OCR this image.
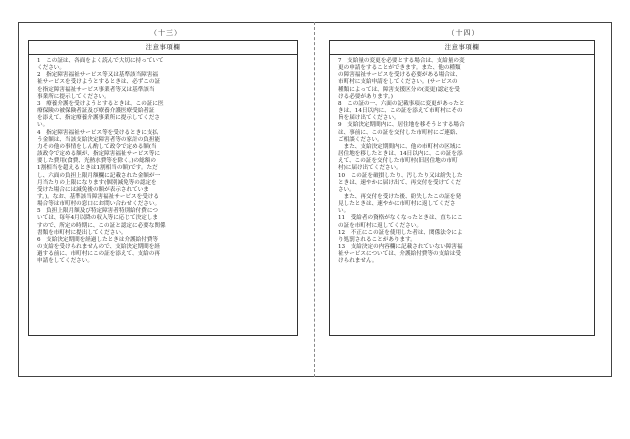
（十三）
注意事項欄

1　この証は、各面をよく読んで大切に持っていて
ください。

2　指定障害福祉サービス等又は基準該当障害福
祉サービスを受けようとするときは、必ずこの証
を指定障害福祉サービス事業者等又は基準該当
事業所に提示してください。

3　療養介護を受けようとするときは、この証に医
療保険の被保険者証及び療養介護医療受給者証
を添えて、指定療養介護事業所に提示してくださ
い。

4　指定障害福祉サービス等を受けるときに支払
う金額は、当該支給決定障害者等の家計の負担能
力その他の事情をしん酌して政令で定める額(当
該政令で定める額が、指定障害福祉サービス等に
要した費用(食費、光熱水費等を除く。)の総額の
1割相当を超えるときは1割相当の額)です。ただ
し、六面の負担上限月額欄に記載された金額が一
月当たりの上限になります(個別減免等の認定を
受けた場合には減免後の額が表示されていま
す。)。なお、基準該当障害福祉サービスを受ける
場合等は市町村の窓口にお問い合わせください。

5　負担上限月額及び特定障害者特別給付費につ
いては、毎年4月以降の収入等に応じて決定しま
すので、所定の時期に、この証と認定に必要な関係
書類を市町村に提出してください。

6　支給決定期間を経過したときは介護給付費等
の支給を受けられませんので、支給決定期間を経
過する前に、市町村にこの証を添えて、支給の再
申請をしてください。

（十四）
注意事項欄

7　支給量の変更を必要とする場合は、支給量の変
更の申請をすることができます。また、他の種類
の障害福祉サービスを受ける必要がある場合は、
市町村に支給申請をしてください。(サービスの
種類によっては、障害支援区分の(変更)認定を受
ける必要があります。)

8　この証の一、六面の記載事項に変更があったと
きは、14日以内に、この証を添えて市町村にその
旨を届け出てください。

9　支給決定期間内に、居住地を移そうとする場合
は、事前に、この証を交付した市町村にご連絡、
ご相談ください。

　また、支給決定期間内に、他の市町村の区域に
居住地を移したときは、14日以内に、この証を添
えて、この証を交付した市町村(旧居住地の市町
村)に届け出てください。

10　この証を破損したり、汚したり又は紛失した
ときは、速やかに届け出て、再交付を受けてくだ
さい。

　また、再交付を受けた後、紛失したこの証を発
見したときは、速やかに市町村に返してくださ
い。

11　受給者の資格がなくなったときは、直ちにこ
の証を市町村に返してください。

12　不正にこの証を使用した者は、関係法令によ
り処罰されることがあります。

13　支給決定の内容欄に記載されていない障害福
祉サービスについては、介護給付費等の支給は受
けられません。
